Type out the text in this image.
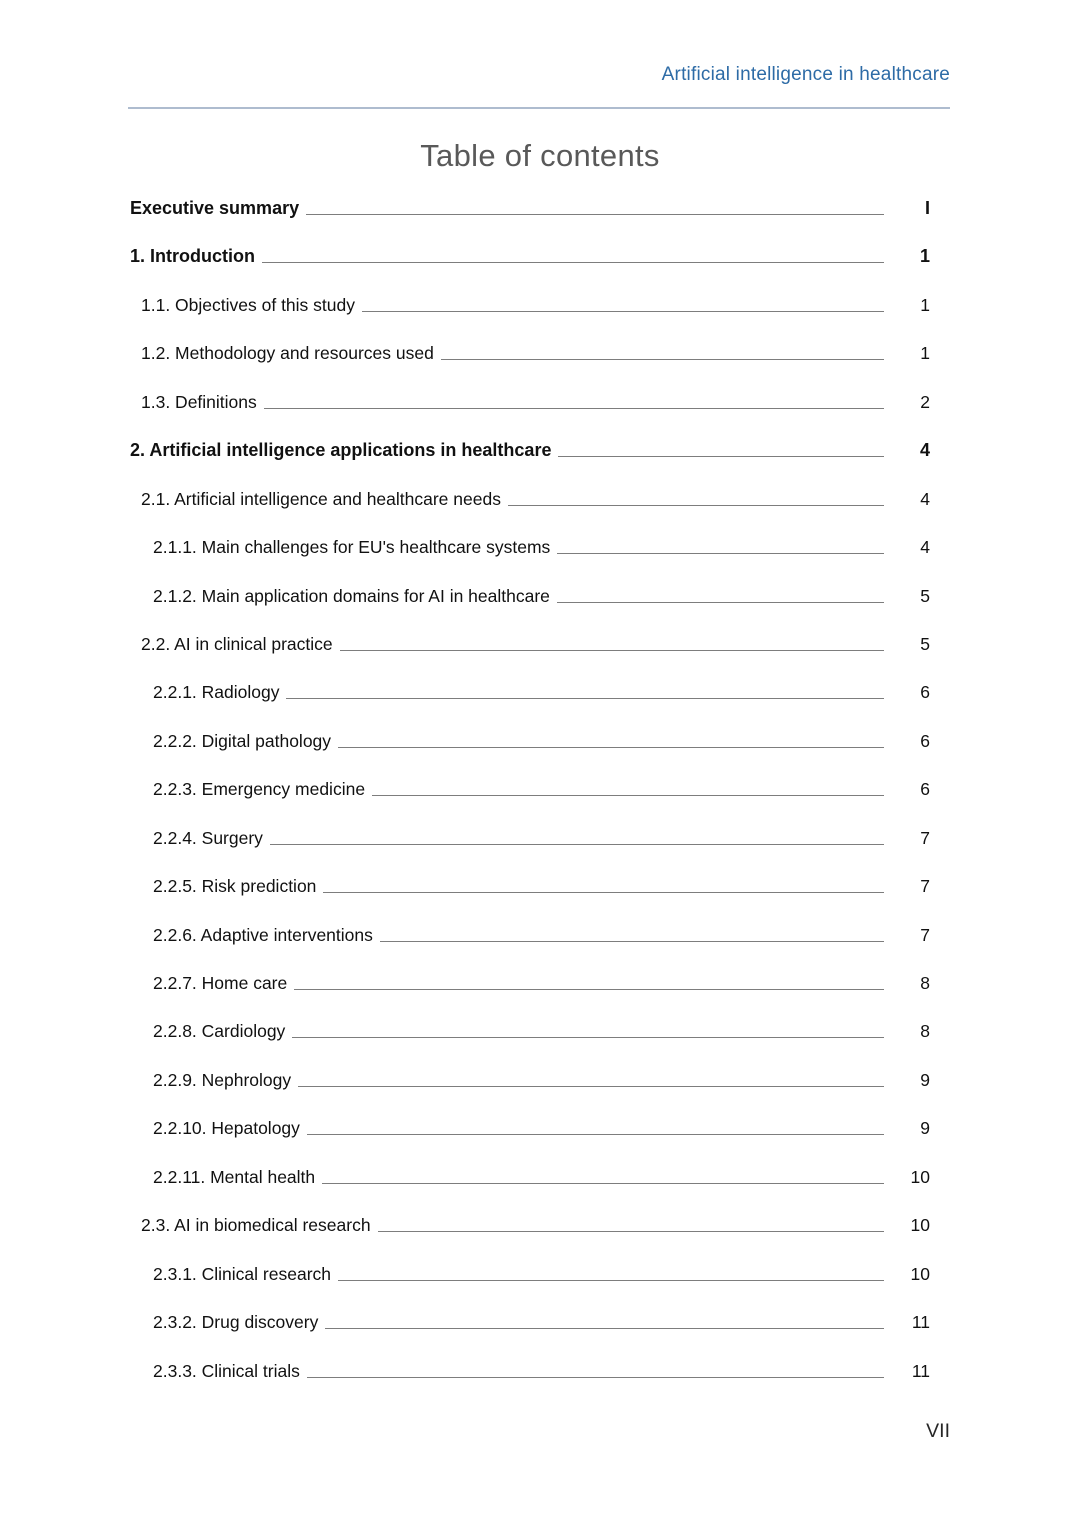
Artificial intelligence in healthcare
Table of contents
Executive summary	I
1. Introduction	1
1.1. Objectives of this study	1
1.2. Methodology and resources used	1
1.3. Definitions	2
2. Artificial intelligence applications in healthcare	4
2.1. Artificial intelligence and healthcare needs	4
2.1.1. Main challenges for EU's healthcare systems	4
2.1.2. Main application domains for AI in healthcare	5
2.2. AI in clinical practice	5
2.2.1. Radiology	6
2.2.2. Digital pathology	6
2.2.3. Emergency medicine	6
2.2.4. Surgery	7
2.2.5. Risk prediction	7
2.2.6. Adaptive interventions	7
2.2.7. Home care	8
2.2.8. Cardiology	8
2.2.9. Nephrology	9
2.2.10. Hepatology	9
2.2.11. Mental health	10
2.3. AI in biomedical research	10
2.3.1. Clinical research	10
2.3.2. Drug discovery	11
2.3.3. Clinical trials	11
VII
